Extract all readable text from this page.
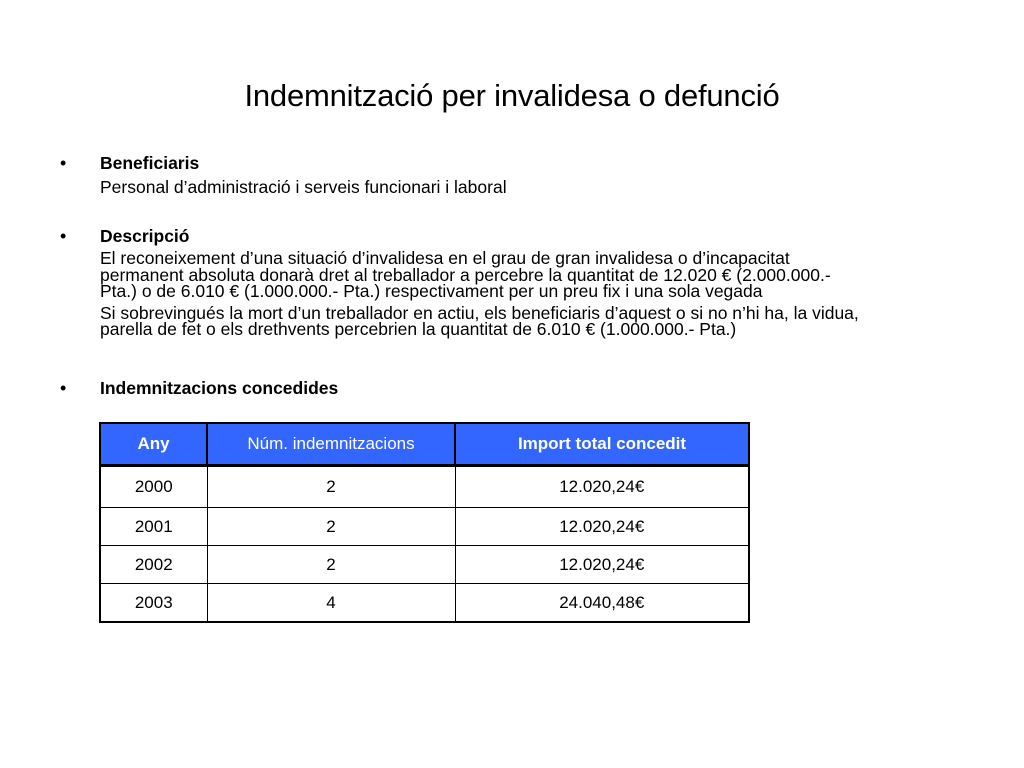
Indemnització per invalidesa o defunció
• Beneficiaris
Personal d’administració i serveis funcionari i laboral
• Descripció

El reconeixement d’una situació d’invalidesa en el grau de gran invalidesa o d’incapacitat
permanent absoluta donarà dret al treballador a percebre la quantitat de 12.020 € (2.000.000.-
Pta.) o de 6.010 € (1.000.000.- Pta.) respectivament per un preu fix i una sola vegada

Si sobrevingués la mort d’un treballador en actiu, els beneficiaris d’aquest o si no n’hi ha, la vidua,
parella de fet o els drethvents percebrien la quantitat de 6.010 € (1.000.000.- Pta.)

• Indemnitzacions concedides
Any	Núm. indemnitzacions	Import total concedit
2000	2	12.020,24€
2001	2	12.020,24€
2002	2	12.020,24€
2003	4	24.040,48€
